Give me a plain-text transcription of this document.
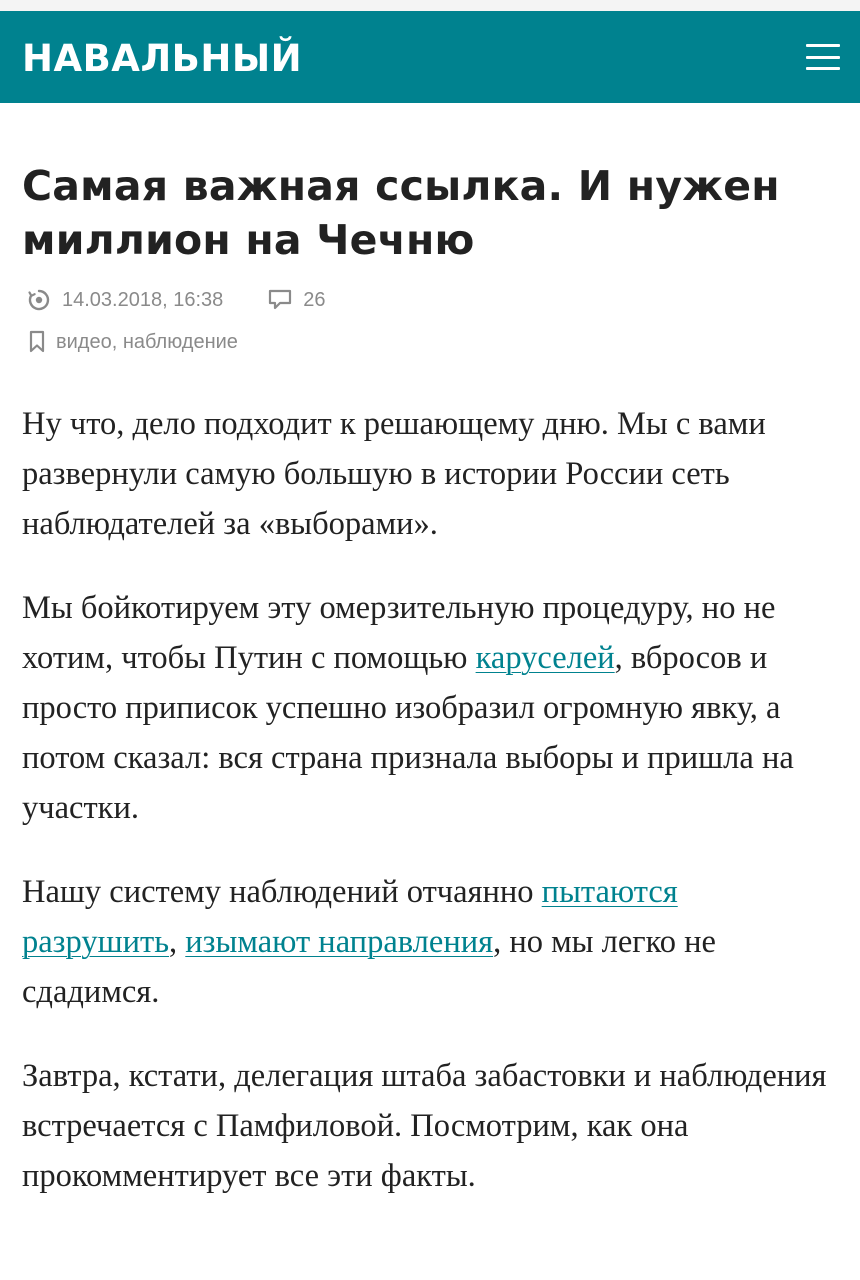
НАВАЛЬНЫЙ
Самая важная ссылка. И нужен миллион на Чечню
14.03.2018, 16:38	26
видео, наблюдение

Ну что, дело подходит к решающему дню. Мы с вами развернули самую большую в истории России сеть наблюдателей за «выборами».

Мы бойкотируем эту омерзительную процедуру, но не хотим, чтобы Путин с помощью каруселей, вбросов и просто приписок успешно изобразил огромную явку, а потом сказал: вся страна признала выборы и пришла на участки.

Нашу систему наблюдений отчаянно пытаются разрушить, изымают направления, но мы легко не сдадимся.

Завтра, кстати, делегация штаба забастовки и наблюдения встречается с Памфиловой. Посмотрим, как она прокомментирует все эти факты.
